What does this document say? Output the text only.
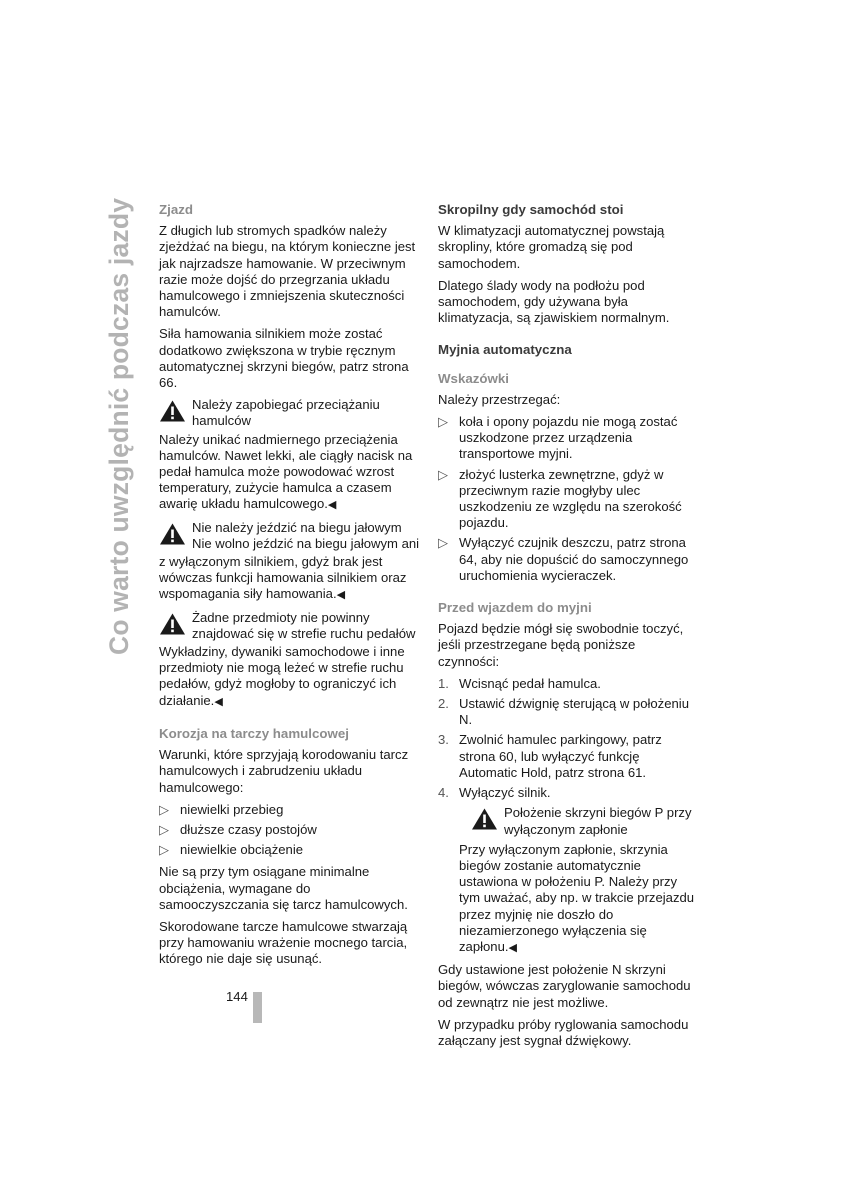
Co warto uwzględnić podczas jazdy	Zjazd

Z długich lub stromych spadków należy zjeżdżać na biegu, na którym konieczne jest jak najrzadsze hamowanie. W przeciwnym razie może dojść do przegrzania układu hamulcowego i zmniejszenia skuteczności hamulców.

Siła hamowania silnikiem może zostać dodatkowo zwiększona w trybie ręcznym automatycznej skrzyni biegów, patrz strona 66.

Należy zapobiegać przeciążaniu hamulców

Należy unikać nadmiernego przeciążenia hamulców. Nawet lekki, ale ciągły nacisk na pedał hamulca może powodować wzrost temperatury, zużycie hamulca a czasem awarię układu hamulcowego.◀

Nie należy jeździć na biegu jałowym
Nie wolno jeździć na biegu jałowym ani

z wyłączonym silnikiem, gdyż brak jest wówczas funkcji hamowania silnikiem oraz wspomagania siły hamowania.◀

Żadne przedmioty nie powinny znajdować się w strefie ruchu pedałów

Wykładziny, dywaniki samochodowe i inne przedmioty nie mogą leżeć w strefie ruchu pedałów, gdyż mogłoby to ograniczyć ich działanie.◀

Korozja na tarczy hamulcowej

Warunki, które sprzyjają korodowaniu tarcz hamulcowych i zabrudzeniu układu hamulcowego:

▷ niewielki przebieg
▷ dłuższe czasy postojów
▷ niewielkie obciążenie

Nie są przy tym osiągane minimalne obciążenia, wymagane do samooczyszczania się tarcz hamulcowych.

Skorodowane tarcze hamulcowe stwarzają przy hamowaniu wrażenie mocnego tarcia, którego nie daje się usunąć.

Skropilny gdy samochód stoi

W klimatyzacji automatycznej powstają skropliny, które gromadzą się pod samochodem.

Dlatego ślady wody na podłożu pod samochodem, gdy używana była klimatyzacja, są zjawiskiem normalnym.

Myjnia automatyczna
Wskazówki

Należy przestrzegać:

▷ koła i opony pojazdu nie mogą zostać uszkodzone przez urządzenia transportowe myjni.
▷ złożyć lusterka zewnętrzne, gdyż w przeciwnym razie mogłyby ulec uszkodzeniu ze względu na szerokość pojazdu.
▷ Wyłączyć czujnik deszczu, patrz strona 64, aby nie dopuścić do samoczynnego uruchomienia wycieraczek.
Przed wjazdem do myjni

Pojazd będzie mógł się swobodnie toczyć, jeśli przestrzegane będą poniższe czynności:

1. Wcisnąć pedał hamulca.
2. Ustawić dźwignię sterującą w położeniu N.
3. Zwolnić hamulec parkingowy, patrz strona 60, lub wyłączyć funkcję Automatic Hold, patrz strona 61.
4. Wyłączyć silnik.
Położenie skrzyni biegów P przy wyłączonym zapłonie

Przy wyłączonym zapłonie, skrzynia biegów zostanie automatycznie ustawiona w położeniu P. Należy przy tym uważać, aby np. w trakcie przejazdu przez myjnię nie doszło do niezamierzonego wyłączenia się zapłonu.◀

Gdy ustawione jest położenie N skrzyni biegów, wówczas zaryglowanie samochodu od zewnątrz nie jest możliwe.

W przypadku próby ryglowania samochodu załączany jest sygnał dźwiękowy.

144
